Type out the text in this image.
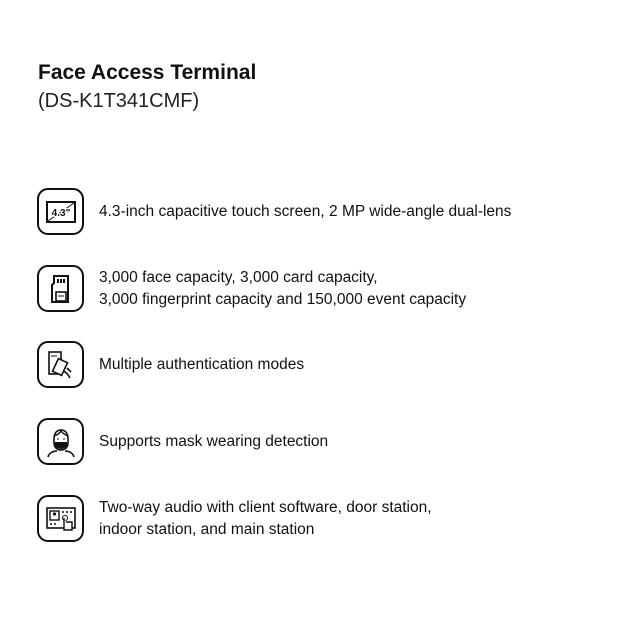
Face Access Terminal
(DS-K1T341CMF)
4.3" 4.3-inch capacitive touch screen, 2 MP wide-angle dual-lens
3,000 face capacity, 3,000 card capacity,
3,000 fingerprint capacity and 150,000 event capacity
Multiple authentication modes
Supports mask wearing detection
Two-way audio with client software, door station,
indoor station, and main station
